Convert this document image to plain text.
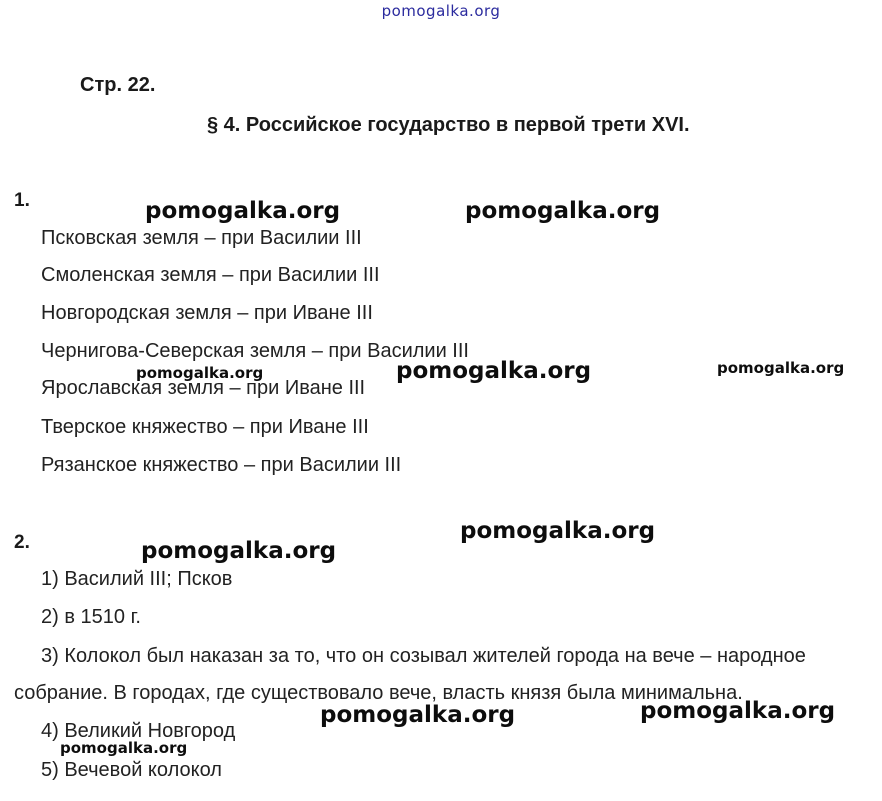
pomogalka.org
Стр. 22.
§ 4. Российское государство в первой трети XVI.
1.
Псковская земля – при Василии III
Смоленская земля – при Василии III
Новгородская земля – при Иване III
Чернигова-Северская земля – при Василии III
Ярославская земля – при Иване III
Тверское княжество – при Иване III
Рязанское княжество – при Василии III
2.
1) Василий III; Псков
2) в 1510 г.
3) Колокол был наказан за то, что он созывал жителей города на вече – народное
собрание. В городах, где существовало вече, власть князя была минимальна.
4) Великий Новгород
5) Вечевой колокол
pomogalka.org	pomogalka.org
pomogalka.org	pomogalka.org	pomogalka.org
pomogalka.org
pomogalka.org
pomogalka.org	pomogalka.org
pomogalka.org
